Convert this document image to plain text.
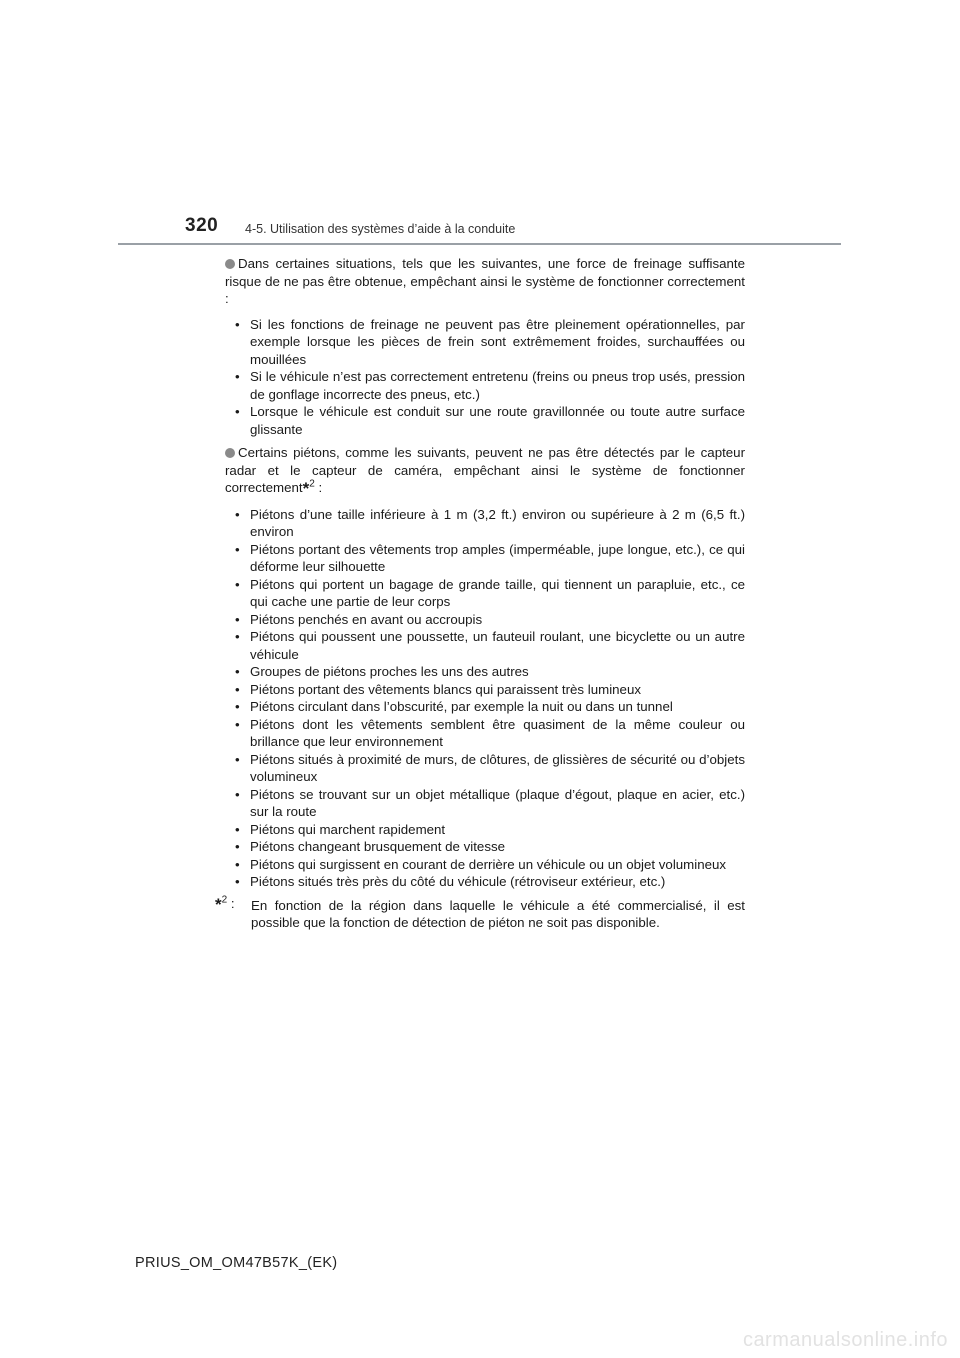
320 4-5. Utilisation des systèmes d’aide à la conduite
Dans certaines situations, tels que les suivantes, une force de freinage suffisante risque de ne pas être obtenue, empêchant ainsi le système de fonctionner correctement :
• Si les fonctions de freinage ne peuvent pas être pleinement opérationnelles, par exemple lorsque les pièces de frein sont extrêmement froides, surchauffées ou mouillées
• Si le véhicule n’est pas correctement entretenu (freins ou pneus trop usés, pression de gonflage incorrecte des pneus, etc.)
• Lorsque le véhicule est conduit sur une route gravillonnée ou toute autre surface glissante
Certains piétons, comme les suivants, peuvent ne pas être détectés par le capteur radar et le capteur de caméra, empêchant ainsi le système de fonctionner correctement*$^2$ :
• Piétons d’une taille inférieure à 1 m (3,2 ft.) environ ou supérieure à 2 m (6,5 ft.) environ
• Piétons portant des vêtements trop amples (imperméable, jupe longue, etc.), ce qui déforme leur silhouette
• Piétons qui portent un bagage de grande taille, qui tiennent un parapluie, etc., ce qui cache une partie de leur corps
• Piétons penchés en avant ou accroupis
• Piétons qui poussent une poussette, un fauteuil roulant, une bicyclette ou un autre véhicule
• Groupes de piétons proches les uns des autres
• Piétons portant des vêtements blancs qui paraissent très lumineux
• Piétons circulant dans l’obscurité, par exemple la nuit ou dans un tunnel
• Piétons dont les vêtements semblent être quasiment de la même couleur ou brillance que leur environnement
• Piétons situés à proximité de murs, de clôtures, de glissières de sécurité ou d’objets volumineux
• Piétons se trouvant sur un objet métallique (plaque d’égout, plaque en acier, etc.) sur la route
• Piétons qui marchent rapidement
• Piétons changeant brusquement de vitesse
• Piétons qui surgissent en courant de derrière un véhicule ou un objet volumineux
• Piétons situés très près du côté du véhicule (rétroviseur extérieur, etc.)
*$^2$ : En fonction de la région dans laquelle le véhicule a été commercialisé, il est possible que la fonction de détection de piéton ne soit pas disponible.
PRIUS_OM_OM47B57K_(EK)
carmanualsonline.info
